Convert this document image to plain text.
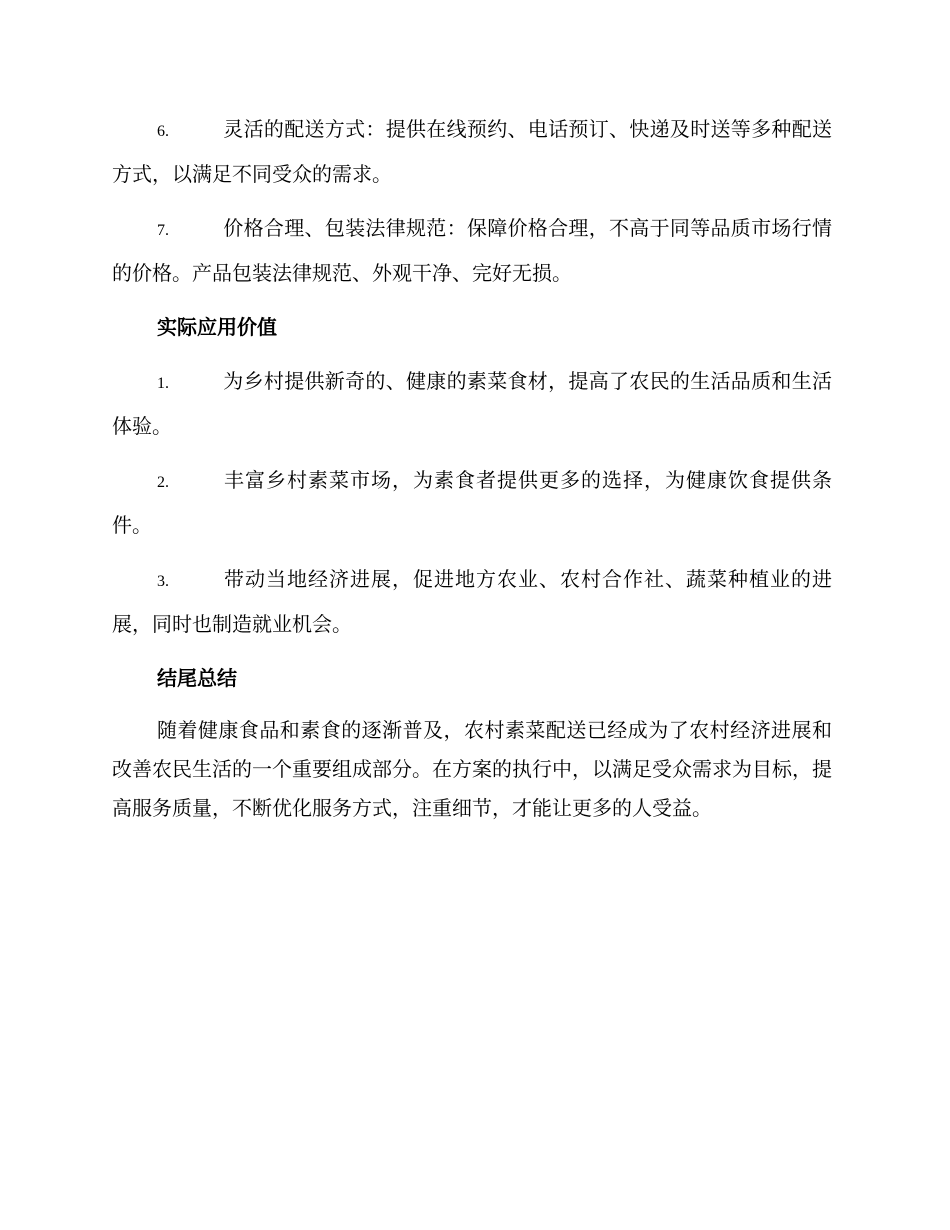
6.	灵活的配送方式：提供在线预约、电话预订、快递及时送等多种配送方式，以满足不同受众的需求。

7.	价格合理、包装法律规范：保障价格合理，不高于同等品质市场行情的价格。产品包装法律规范、外观干净、完好无损。

实际应用价值

1.	为乡村提供新奇的、健康的素菜食材，提高了农民的生活品质和生活体验。

2.	丰富乡村素菜市场，为素食者提供更多的选择，为健康饮食提供条件。

3.	带动当地经济进展，促进地方农业、农村合作社、蔬菜种植业的进展，同时也制造就业机会。

结尾总结

随着健康食品和素食的逐渐普及，农村素菜配送已经成为了农村经济进展和改善农民生活的一个重要组成部分。在方案的执行中，以满足受众需求为目标，提高服务质量，不断优化服务方式，注重细节，才能让更多的人受益。
